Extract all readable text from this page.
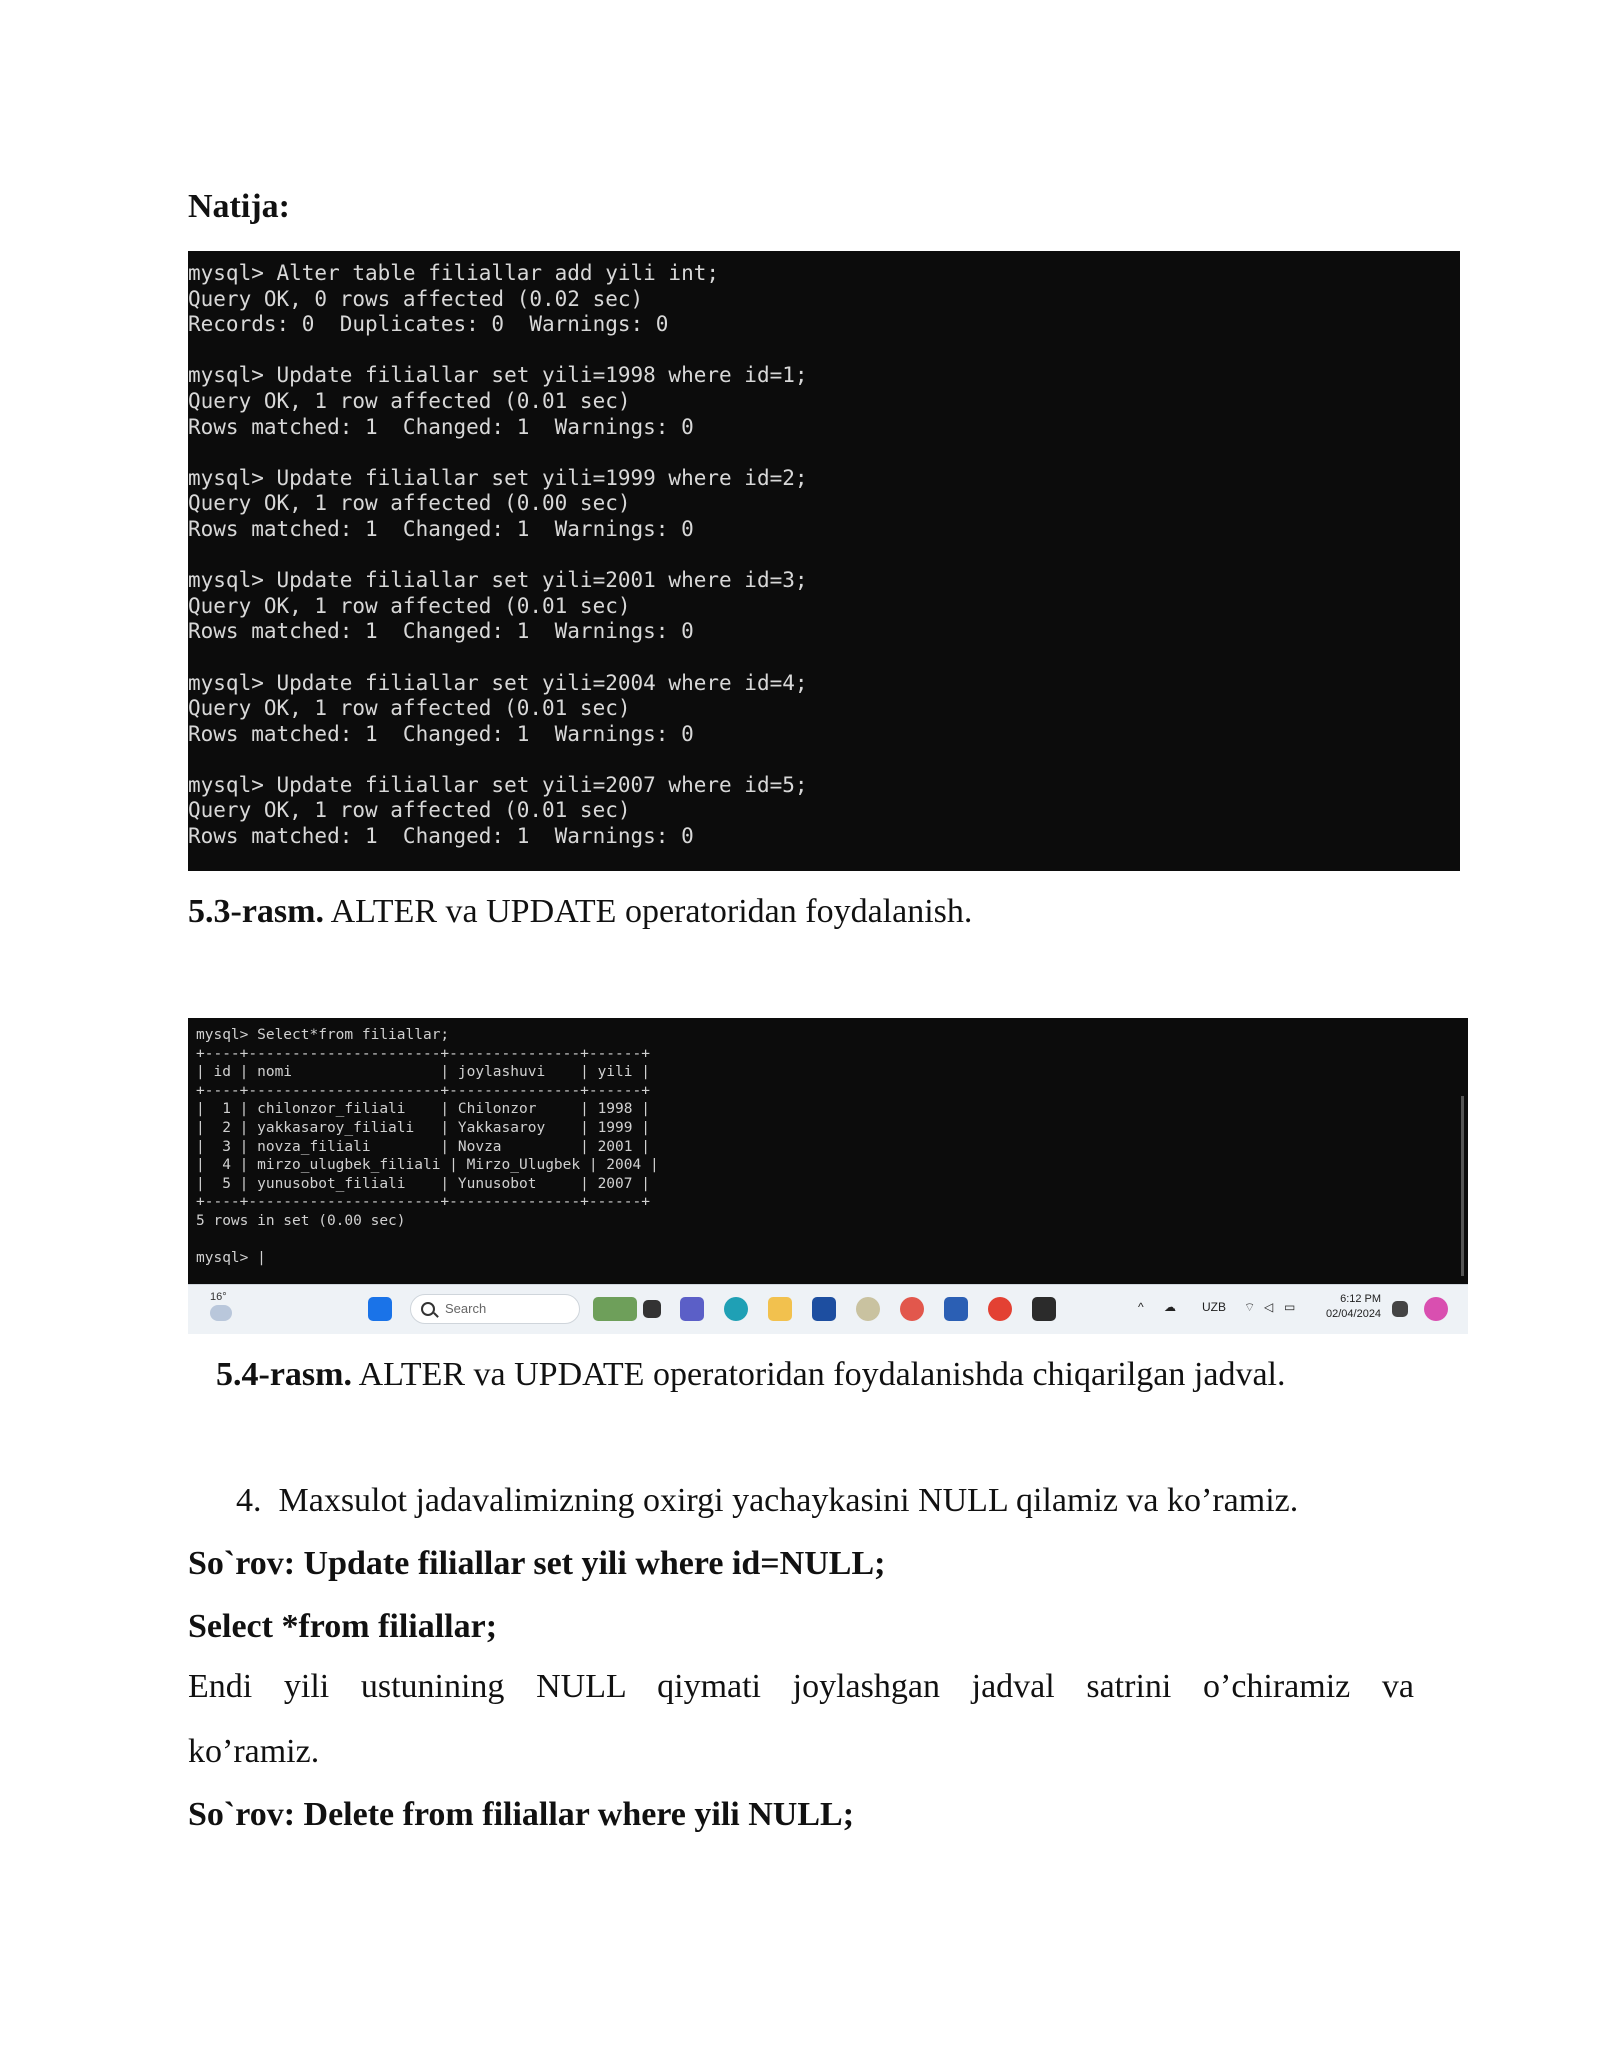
Natija:
mysql> Alter table filiallar add yili int;
Query OK, 0 rows affected (0.02 sec)
Records: 0  Duplicates: 0  Warnings: 0

mysql> Update filiallar set yili=1998 where id=1;
Query OK, 1 row affected (0.01 sec)
Rows matched: 1  Changed: 1  Warnings: 0

mysql> Update filiallar set yili=1999 where id=2;
Query OK, 1 row affected (0.00 sec)
Rows matched: 1  Changed: 1  Warnings: 0

mysql> Update filiallar set yili=2001 where id=3;
Query OK, 1 row affected (0.01 sec)
Rows matched: 1  Changed: 1  Warnings: 0

mysql> Update filiallar set yili=2004 where id=4;
Query OK, 1 row affected (0.01 sec)
Rows matched: 1  Changed: 1  Warnings: 0

mysql> Update filiallar set yili=2007 where id=5;
Query OK, 1 row affected (0.01 sec)
Rows matched: 1  Changed: 1  Warnings: 0
5.3-rasm. ALTER va UPDATE operatoridan foydalanish.
mysql> Select*from filiallar;
+----+----------------------+---------------+------+
| id | nomi                 | joylashuvi    | yili |
+----+----------------------+---------------+------+
|  1 | chilonzor_filiali    | Chilonzor     | 1998 |
|  2 | yakkasaroy_filiali   | Yakkasaroy    | 1999 |
|  3 | novza_filiali        | Novza         | 2001 |
|  4 | mirzo_ulugbek_filiali | Mirzo_Ulugbek | 2004 |
|  5 | yunusobot_filiali    | Yunusobot     | 2007 |
+----+----------------------+---------------+------+
5 rows in set (0.00 sec)

mysql> |
16°
Search	^ ☁ UZB ⌔ ◁ ▭
6:12 PM
02/04/2024
5.4-rasm. ALTER va UPDATE operatoridan foydalanishda chiqarilgan jadval.
4. Maxsulot jadavalimizning oxirgi yachaykasini NULL qilamiz va ko’ramiz.
So`rov: Update filiallar set yili where id=NULL;
Select *from filiallar;
Endi yili ustunining NULL qiymati joylashgan jadval satrini o’chiramiz va
ko’ramiz.
So`rov: Delete from filiallar where yili NULL;
